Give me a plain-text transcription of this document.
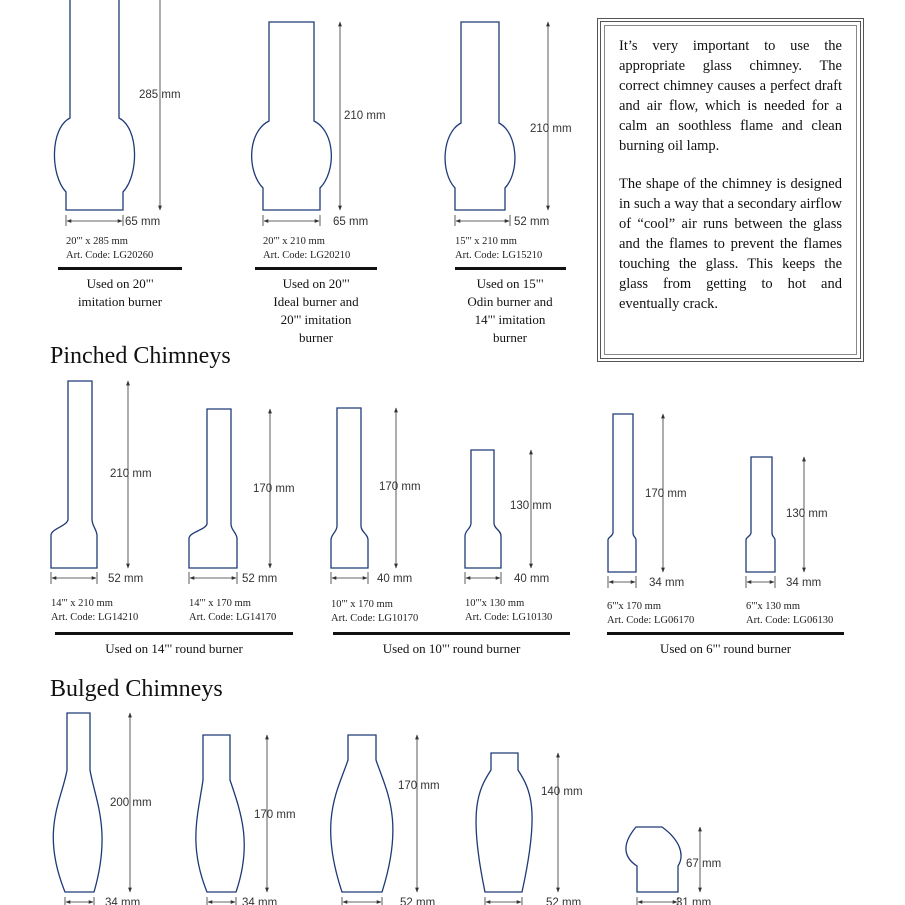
285 mm
65 mm
210 mm
65 mm
210 mm
52 mm
210 mm
52 mm
170 mm
52 mm
170 mm
40 mm
130 mm
40 mm
170 mm
34 mm
130 mm
34 mm
200 mm
34 mm
170 mm
34 mm
170 mm
52 mm
140 mm
52 mm
67 mm
31 mm
20"' x 285 mm
Art. Code: LG20260
20"' x 210 mm
Art. Code: LG20210
15"' x 210 mm
Art. Code: LG15210
Used on 20"'
imitation burner
Used on 20"'
Ideal burner and
20"' imitation
burner
Used on 15"'
Odin burner and
14"' imitation
burner

It’s very important to use the appropriate glass chimney. The correct chimney causes a perfect draft and air flow, which is needed for a calm an soothless flame and clean burning oil lamp.

The shape of the chimney is designed in such a way that a secondary airflow of “cool” air runs between the glass and the flames to prevent the flames touching the glass. This keeps the glass from getting to hot and eventually crack.

Pinched Chimneys
14"' x 210 mm
Art. Code: LG14210
14"' x 170 mm
Art. Code: LG14170
10"' x 170 mm
Art. Code: LG10170
10"'x 130 mm
Art. Code: LG10130
6"'x 170 mm
Art. Code: LG06170
6"'x 130 mm
Art. Code: LG06130
Used on 14"' round burner	Used on 10"' round burner	Used on 6"' round burner
Bulged Chimneys
